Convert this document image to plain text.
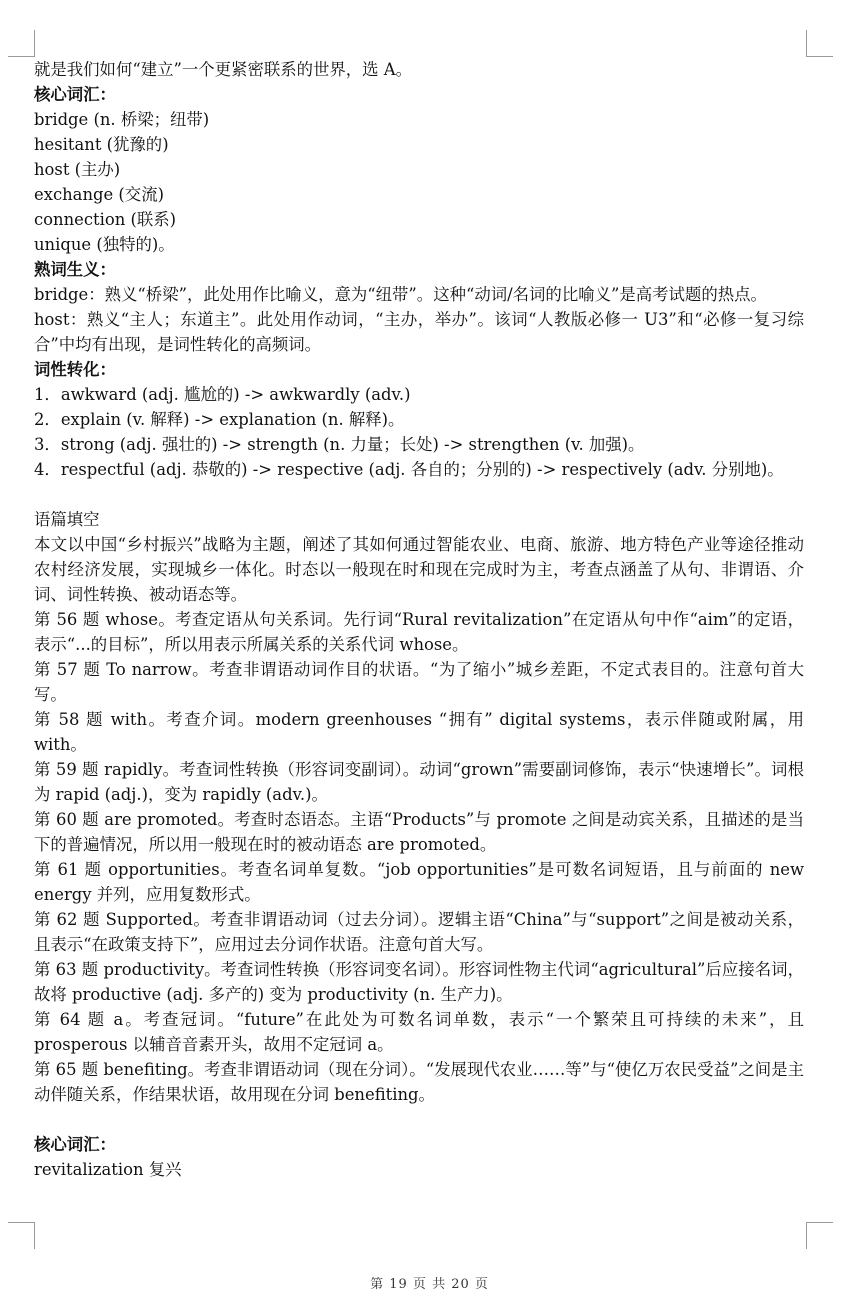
就是我们如何“建立”一个更紧密联系的世界，选 A。
核心词汇：
bridge (n. 桥梁；纽带)
hesitant (犹豫的)
host (主办)
exchange (交流)
connection (联系)
unique (独特的)。
熟词生义：
bridge：熟义“桥梁”，此处用作比喻义，意为“纽带”。这种“动词/名词的比喻义”是高考试题的热点。
host：熟义“主人；东道主”。此处用作动词，“主办，举办”。该词“人教版必修一 U3”和“必修一复习综合”中均有出现，是词性转化的高频词。
词性转化：
1．awkward (adj. 尴尬的) -> awkwardly (adv.)
2．explain (v. 解释) -> explanation (n. 解释)。
3．strong (adj. 强壮的) -> strength (n. 力量；长处) -> strengthen (v. 加强)。
4．respectful (adj. 恭敬的) -> respective (adj. 各自的；分别的) -> respectively (adv. 分别地)。
语篇填空
本文以中国“乡村振兴”战略为主题，阐述了其如何通过智能农业、电商、旅游、地方特色产业等途径推动农村经济发展，实现城乡一体化。时态以一般现在时和现在完成时为主，考查点涵盖了从句、非谓语、介词、词性转换、被动语态等。
第 56 题 whose。考查定语从句关系词。先行词“Rural revitalization”在定语从句中作“aim”的定语，表示“...的目标”，所以用表示所属关系的关系代词 whose。
第 57 题 To narrow。考查非谓语动词作目的状语。“为了缩小”城乡差距，不定式表目的。注意句首大写。
第 58 题 with。考查介词。modern greenhouses “拥有” digital systems，表示伴随或附属，用 with。
第 59 题 rapidly。考查词性转换（形容词变副词）。动词“grown”需要副词修饰，表示“快速增长”。词根为 rapid (adj.)，变为 rapidly (adv.)。
第 60 题 are promoted。考查时态语态。主语“Products”与 promote 之间是动宾关系，且描述的是当下的普遍情况，所以用一般现在时的被动语态 are promoted。
第 61 题 opportunities。考查名词单复数。“job opportunities”是可数名词短语，且与前面的 new energy 并列，应用复数形式。
第 62 题 Supported。考查非谓语动词（过去分词）。逻辑主语“China”与“support”之间是被动关系，且表示“在政策支持下”，应用过去分词作状语。注意句首大写。
第 63 题 productivity。考查词性转换（形容词变名词）。形容词性物主代词“agricultural”后应接名词，故将 productive (adj. 多产的) 变为 productivity (n. 生产力)。
第 64 题 a。考查冠词。“future”在此处为可数名词单数，表示“一个繁荣且可持续的未来”，且 prosperous 以辅音音素开头，故用不定冠词 a。
第 65 题 benefiting。考查非谓语动词（现在分词）。“发展现代农业……等”与“使亿万农民受益”之间是主动伴随关系，作结果状语，故用现在分词 benefiting。
核心词汇：
revitalization 复兴
第 19 页 共 20 页
